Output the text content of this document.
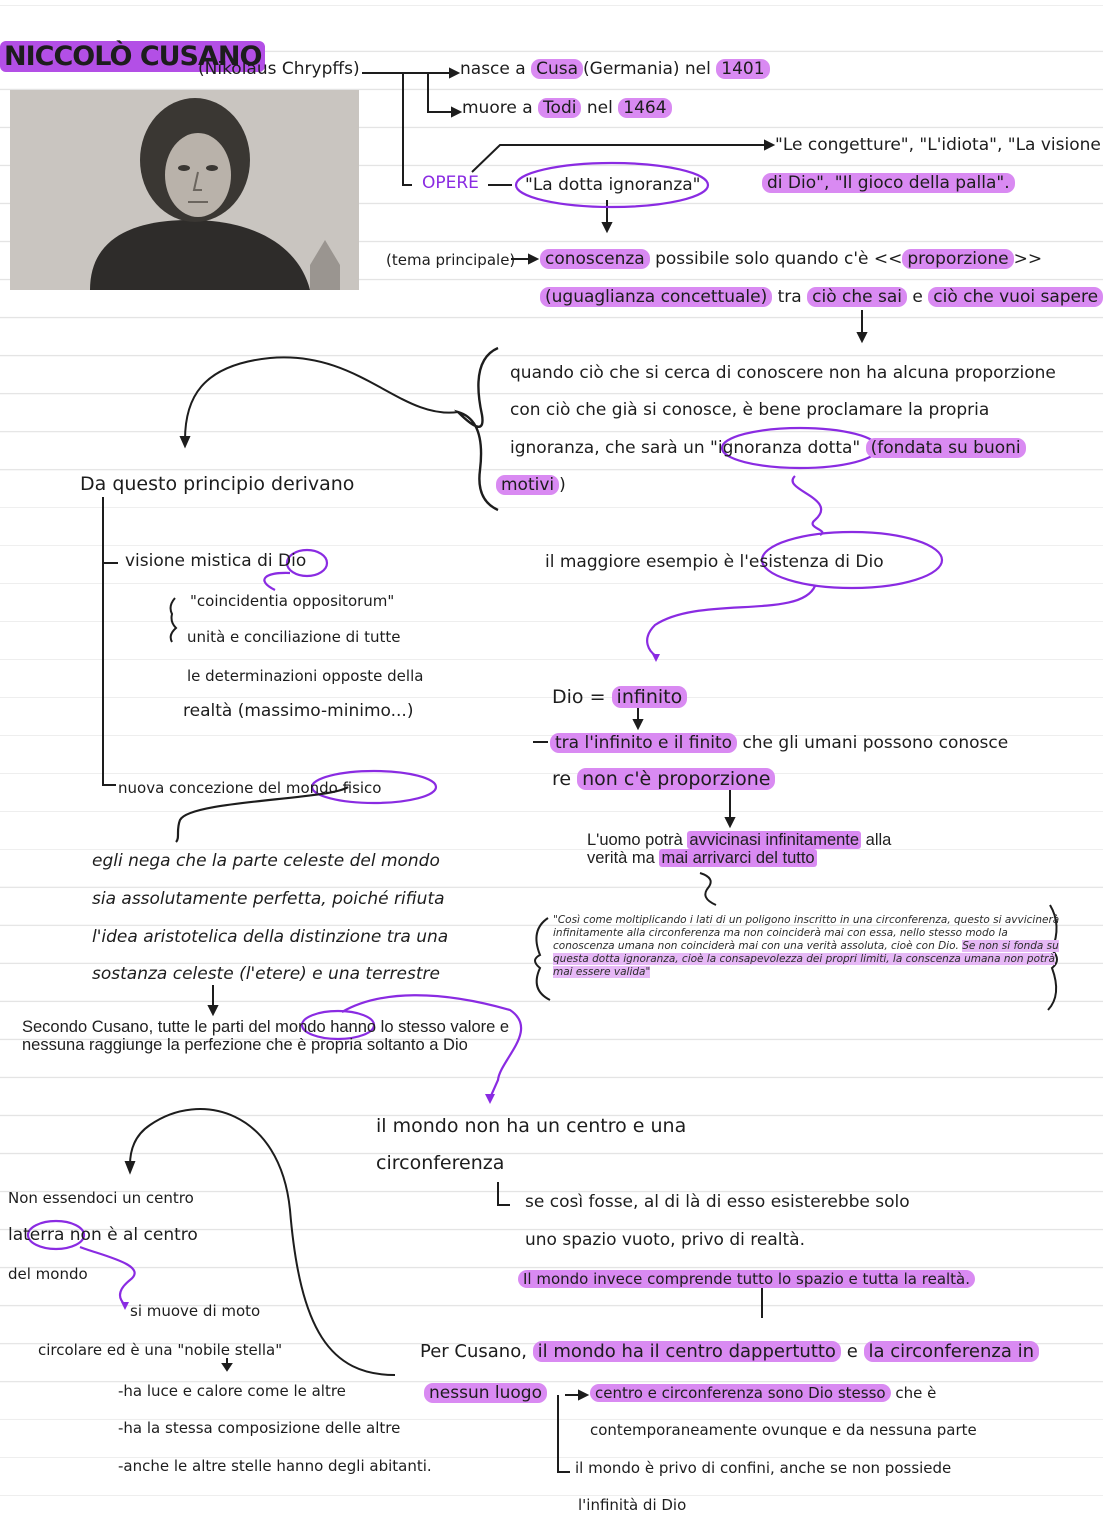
NICCOLÒ CUSANO
(Nikolaus Chrypffs)	nasce a Cusa (Germania) nel 1401
muore a Todi nel 1464
OPERE	"La dotta ignoranza"
"Le congetture", "L'idiota", "La visione
di Dio", "Il gioco della palla".
(tema principale) conoscenza possibile solo quando c'è << proporzione >>
(uguaglianza concettuale) tra ciò che sai e ciò che vuoi sapere
quando ciò che si cerca di conoscere non ha alcuna proporzione
con ciò che già si conosce, è bene proclamare la propria
ignoranza, che sarà un "ignoranza dotta" (fondata su buoni
motivi )
Da questo principio derivano
visione mistica di Dio
"coincidentia oppositorum"
unità e conciliazione di tutte
le determinazioni opposte della
realtà (massimo-minimo...)
nuova concezione del mondo fisico
il maggiore esempio è l'esistenza di Dio
Dio = infinito
tra l'infinito e il finito che gli umani possono conosce
re non c'è proporzione
L'uomo potrà avvicinasi infinitamente alla verità ma mai arrivarci del tutto
"Così come moltiplicando i lati di un poligono inscritto in una circonferenza, questo si avvicinerà infinitamente alla circonferenza ma non coinciderà mai con essa, nello stesso modo la conoscenza umana non coinciderà mai con una verità assoluta, cioè con Dio. Se non si fonda su questa dotta ignoranza, cioè la consapevolezza dei propri limiti, la conscenza umana non potrà mai essere valida"
egli nega che la parte celeste del mondo
sia assolutamente perfetta, poiché rifiuta
l'idea aristotelica della distinzione tra una
sostanza celeste (l'etere) e una terrestre
Secondo Cusano, tutte le parti del mondo hanno lo stesso valore e nessuna raggiunge la perfezione che è propria soltanto a Dio
il mondo non ha un centro e una
circonferenza
se così fosse, al di là di esso esisterebbe solo
uno spazio vuoto, privo di realtà.
Il mondo invece comprende tutto lo spazio e tutta la realtà.
Non essendoci un centro
laterra non è al centro
del mondo
si muove di moto
circolare ed è una "nobile stella"
-ha luce e calore come le altre
-ha la stessa composizione delle altre
-anche le altre stelle hanno degli abitanti.
Per Cusano, il mondo ha il centro dappertutto e la circonferenza in
nessun luogo	centro e circonferenza sono Dio stesso che è
contemporaneamente ovunque e da nessuna parte
il mondo è privo di confini, anche se non possiede
l'infinità di Dio
